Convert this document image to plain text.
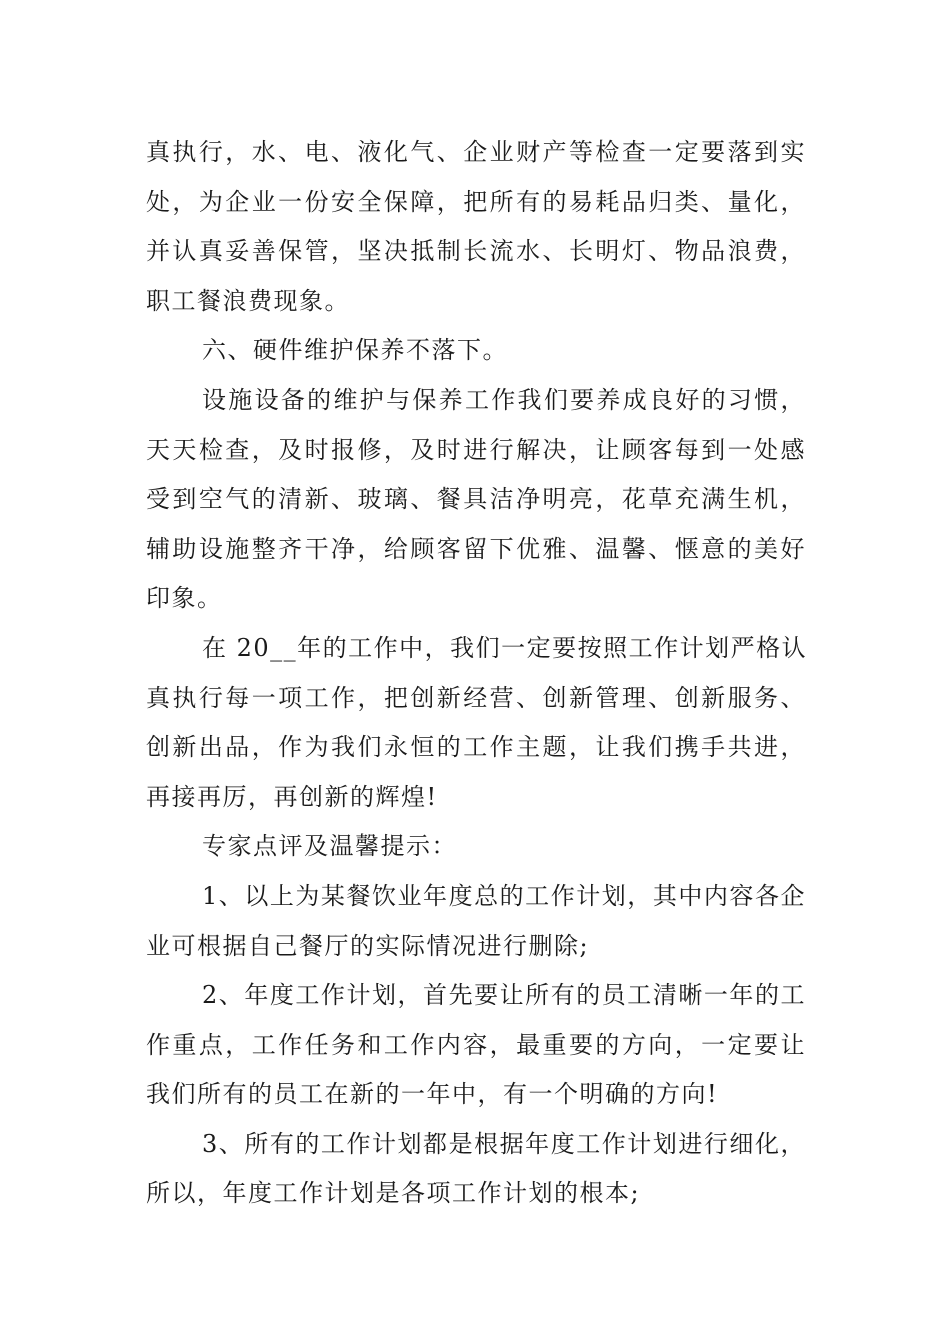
真执行，水、电、液化气、企业财产等检查一定要落到实
处，为企业一份安全保障，把所有的易耗品归类、量化，
并认真妥善保管，坚决抵制长流水、长明灯、物品浪费，
职工餐浪费现象。

六、硬件维护保养不落下。

设施设备的维护与保养工作我们要养成良好的习惯，
天天检查，及时报修，及时进行解决，让顾客每到一处感
受到空气的清新、玻璃、餐具洁净明亮，花草充满生机，
辅助设施整齐干净，给顾客留下优雅、温馨、惬意的美好
印象。

在 20__年的工作中，我们一定要按照工作计划严格认
真执行每一项工作，把创新经营、创新管理、创新服务、
创新出品，作为我们永恒的工作主题，让我们携手共进，
再接再厉，再创新的辉煌!

专家点评及温馨提示：

1、以上为某餐饮业年度总的工作计划，其中内容各企
业可根据自己餐厅的实际情况进行删除;

2、年度工作计划，首先要让所有的员工清晰一年的工
作重点，工作任务和工作内容，最重要的方向，一定要让
我们所有的员工在新的一年中，有一个明确的方向!

3、所有的工作计划都是根据年度工作计划进行细化，
所以，年度工作计划是各项工作计划的根本;
